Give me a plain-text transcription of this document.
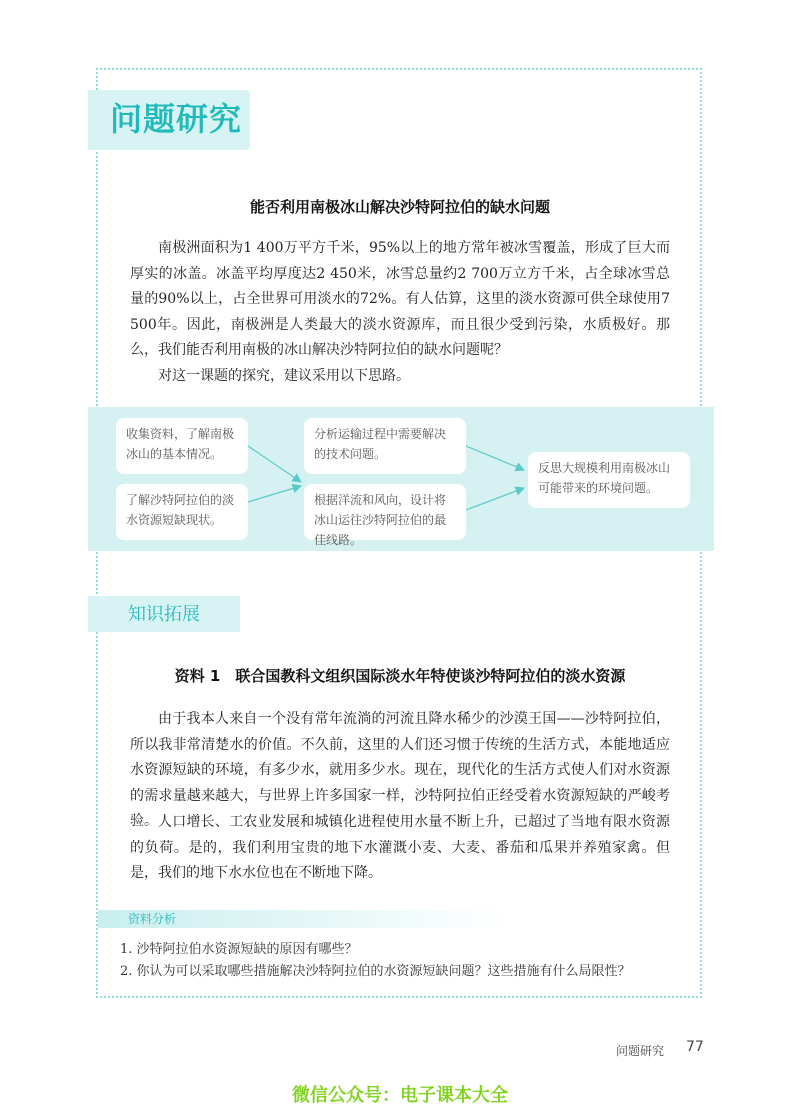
问题研究
能否利用南极冰山解决沙特阿拉伯的缺水问题

南极洲面积为1 400万平方千米，95%以上的地方常年被冰雪覆盖，形成了巨大而厚实的冰盖。冰盖平均厚度达2 450米，冰雪总量约2 700万立方千米，占全球冰雪总量的90%以上，占全世界可用淡水的72%。有人估算，这里的淡水资源可供全球使用7 500年。因此，南极洲是人类最大的淡水资源库，而且很少受到污染，水质极好。那么，我们能否利用南极的冰山解决沙特阿拉伯的缺水问题呢？

对这一课题的探究，建议采用以下思路。

收集资料，了解南极冰山的基本情况。
了解沙特阿拉伯的淡水资源短缺现状。
分析运输过程中需要解决的技术问题。
根据洋流和风向，设计将冰山运往沙特阿拉伯的最佳线路。
反思大规模利用南极冰山可能带来的环境问题。
知识拓展
资料 1　联合国教科文组织国际淡水年特使谈沙特阿拉伯的淡水资源

由于我本人来自一个没有常年流淌的河流且降水稀少的沙漠王国——沙特阿拉伯，所以我非常清楚水的价值。不久前，这里的人们还习惯于传统的生活方式，本能地适应水资源短缺的环境，有多少水，就用多少水。现在，现代化的生活方式使人们对水资源的需求量越来越大，与世界上许多国家一样，沙特阿拉伯正经受着水资源短缺的严峻考验。 人口增长、工农业发展和城镇化进程使用水量不断上升，已超过了当地有限水资源的负荷。是的，我们利用宝贵的地下水灌溉小麦、大麦、番茄和瓜果并养殖家禽。但是，我们的地下水水位也在不断地下降。

资料分析
1. 沙特阿拉伯水资源短缺的原因有哪些？
2. 你认为可以采取哪些措施解决沙特阿拉伯的水资源短缺问题？这些措施有什么局限性？
问题研究 77
微信公众号：电子课本大全
